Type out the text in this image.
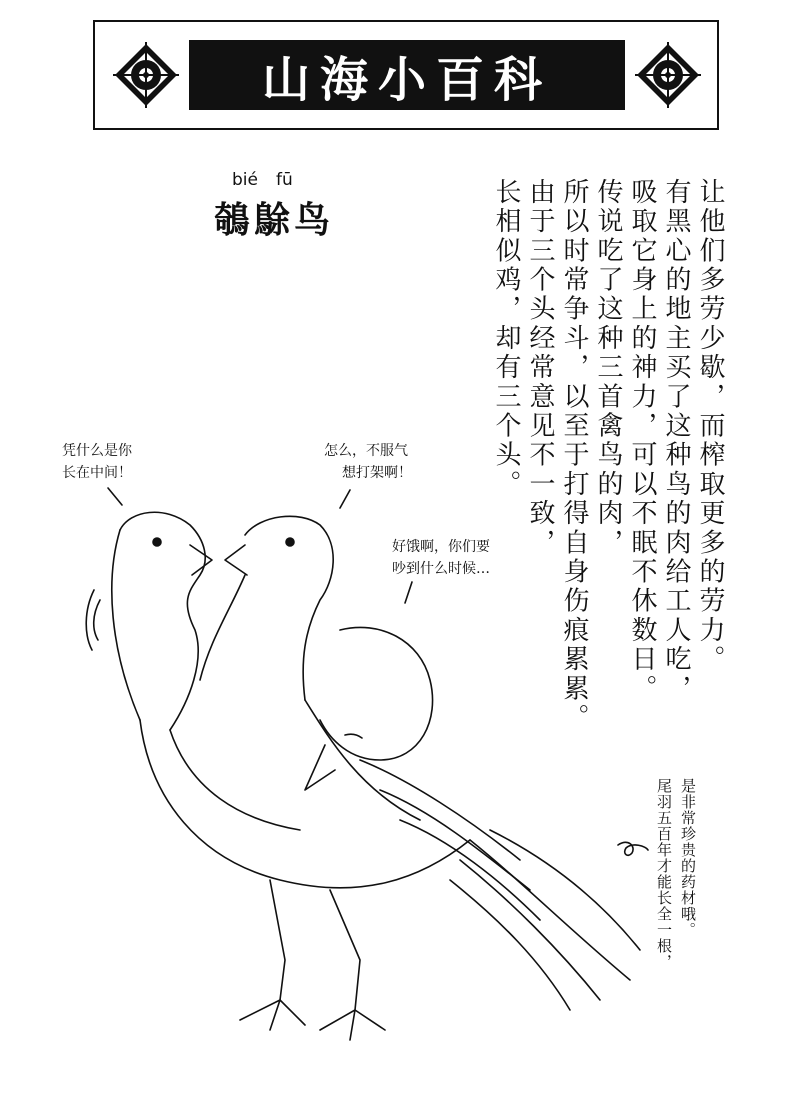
山海小百科
bié fū
鵸鵌鸟	让他们多劳少歇，而榨取更多的劳力。
有黑心的地主买了这种鸟的肉给工人吃，
吸取它身上的神力，可以不眠不休数日。
传说吃了这种三首禽鸟的肉，
所以时常争斗，以至于打得自身伤痕累累。
由于三个头经常意见不一致，
长相似鸡，却有三个头。
是非常珍贵的药材哦。
尾羽五百年才能长全一根，
凭什么是你
长在中间！
怎么，不服气
想打架啊！
好饿啊，你们要
吵到什么时候…
